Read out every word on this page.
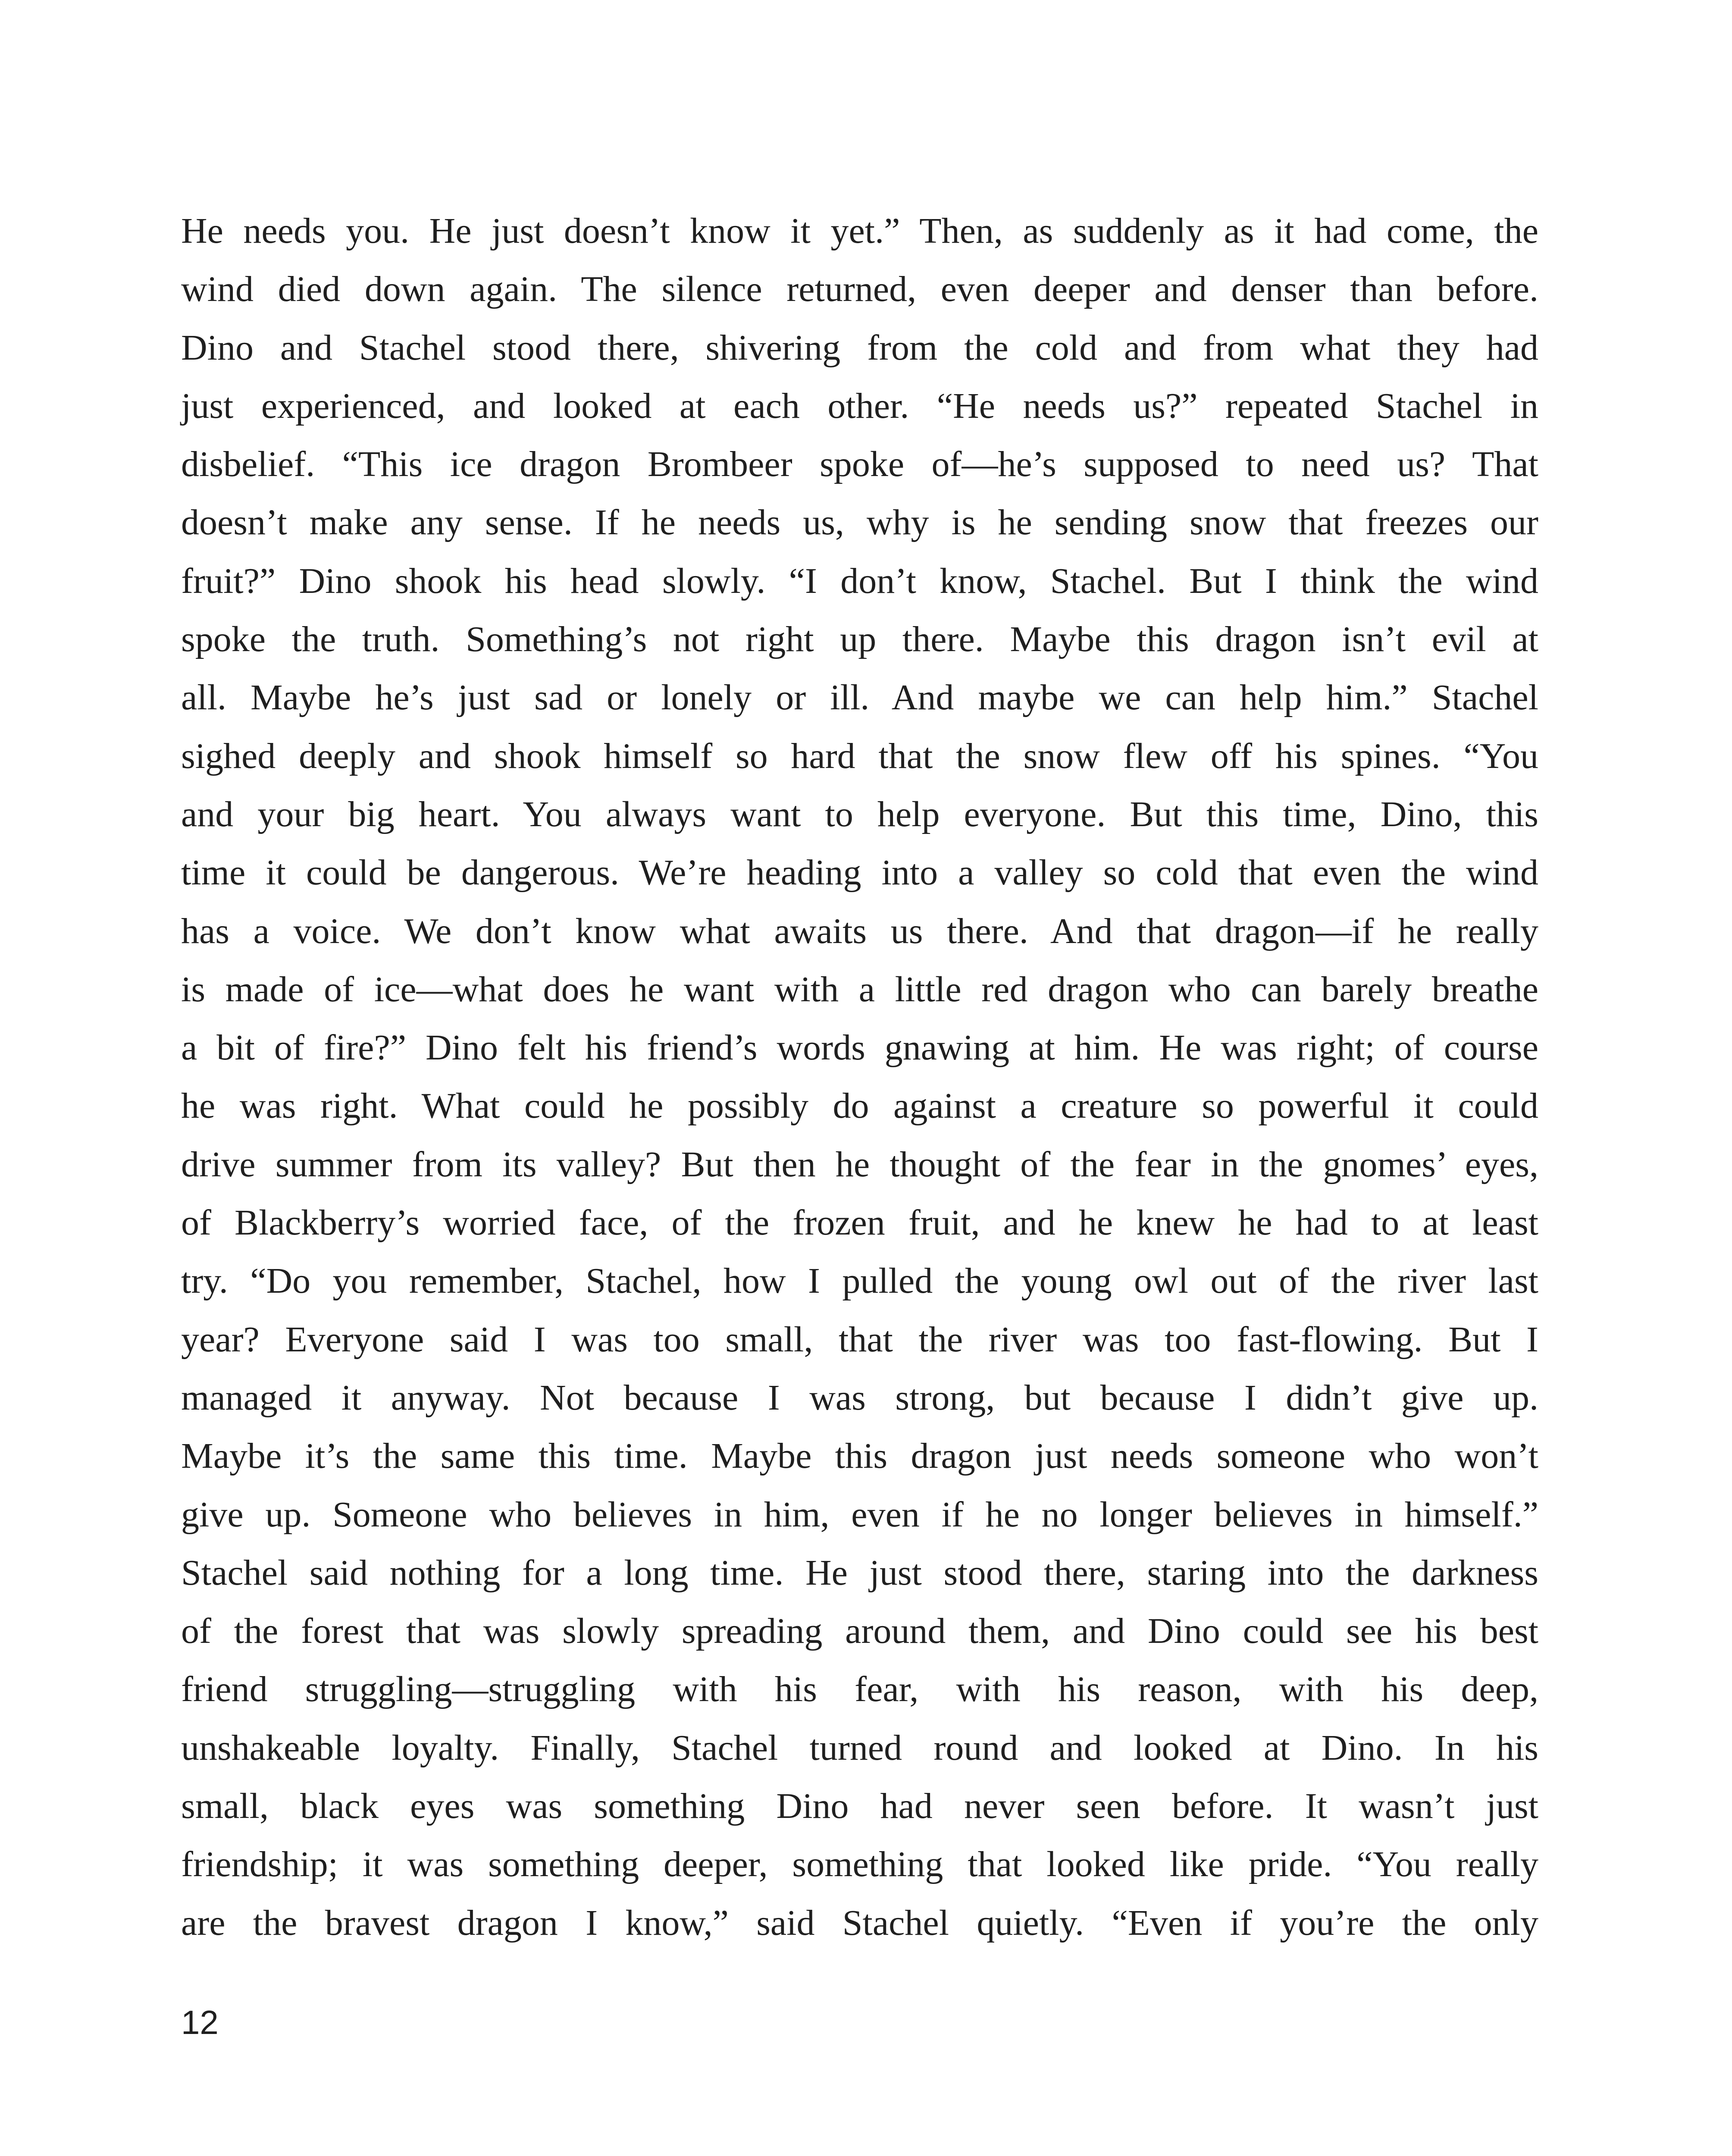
He needs you. He just doesn’t know it yet.” Then, as suddenly as it had come, the
wind died down again. The silence returned, even deeper and denser than before.
Dino and Stachel stood there, shivering from the cold and from what they had
just experienced, and looked at each other. “He needs us?” repeated Stachel in
disbelief. “This ice dragon Brombeer spoke of—he’s supposed to need us? That
doesn’t make any sense. If he needs us, why is he sending snow that freezes our
fruit?” Dino shook his head slowly. “I don’t know, Stachel. But I think the wind
spoke the truth. Something’s not right up there. Maybe this dragon isn’t evil at
all. Maybe he’s just sad or lonely or ill. And maybe we can help him.” Stachel
sighed deeply and shook himself so hard that the snow flew off his spines. “You
and your big heart. You always want to help everyone. But this time, Dino, this
time it could be dangerous. We’re heading into a valley so cold that even the wind
has a voice. We don’t know what awaits us there. And that dragon—if he really
is made of ice—what does he want with a little red dragon who can barely breathe
a bit of fire?” Dino felt his friend’s words gnawing at him. He was right; of course
he was right. What could he possibly do against a creature so powerful it could
drive summer from its valley? But then he thought of the fear in the gnomes’ eyes,
of Blackberry’s worried face, of the frozen fruit, and he knew he had to at least
try. “Do you remember, Stachel, how I pulled the young owl out of the river last
year? Everyone said I was too small, that the river was too fast-flowing. But I
managed it anyway. Not because I was strong, but because I didn’t give up.
Maybe it’s the same this time. Maybe this dragon just needs someone who won’t
give up. Someone who believes in him, even if he no longer believes in himself.”
Stachel said nothing for a long time. He just stood there, staring into the darkness
of the forest that was slowly spreading around them, and Dino could see his best
friend struggling—struggling with his fear, with his reason, with his deep,
unshakeable loyalty. Finally, Stachel turned round and looked at Dino. In his
small, black eyes was something Dino had never seen before. It wasn’t just
friendship; it was something deeper, something that looked like pride. “You really
are the bravest dragon I know,” said Stachel quietly. “Even if you’re the only
12
